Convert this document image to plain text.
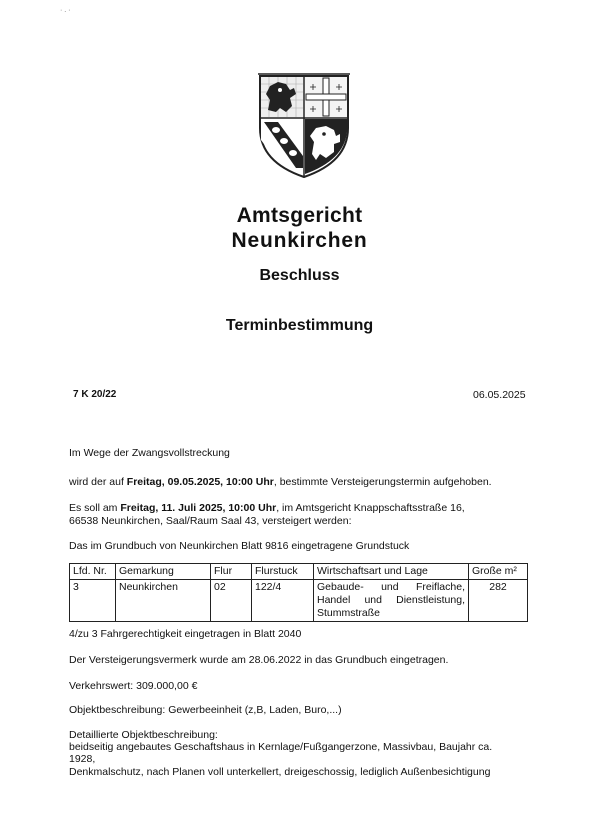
· . ·
Amtsgericht
Neunkirchen
Beschluss
Terminbestimmung
7 K 20/22	06.05.2025
Im Wege der Zwangsvollstreckung
wird der auf Freitag, 09.05.2025, 10:00 Uhr, bestimmte Versteigerungstermin aufgehoben.
Es soll am Freitag, 11. Juli 2025, 10:00 Uhr, im Amtsgericht Knappschaftsstraße 16,
66538 Neunkirchen, Saal/Raum Saal 43, versteigert werden:
Das im Grundbuch von Neunkirchen Blatt 9816 eingetragene Grundstuck
Lfd. Nr.	Gemarkung	Flur	Flurstuck	Wirtschaftsart und Lage	Große m²
3	Neunkirchen	02	122/4	Gebaude- und Freiflache, Handel und Dienstleistung, Stummstraße	282
4/zu 3 Fahrgerechtigkeit eingetragen in Blatt 2040
Der Versteigerungsvermerk wurde am 28.06.2022 in das Grundbuch eingetragen.
Verkehrswert: 309.000,00 €
Objektbeschreibung: Gewerbeeinheit (z,B, Laden, Buro,...)
Detaillierte Objektbeschreibung:
beidseitig angebautes Geschaftshaus in Kernlage/Fußgangerzone, Massivbau, Baujahr ca.
1928,
Denkmalschutz, nach Planen voll unterkellert, dreigeschossig, lediglich Außenbesichtigung
